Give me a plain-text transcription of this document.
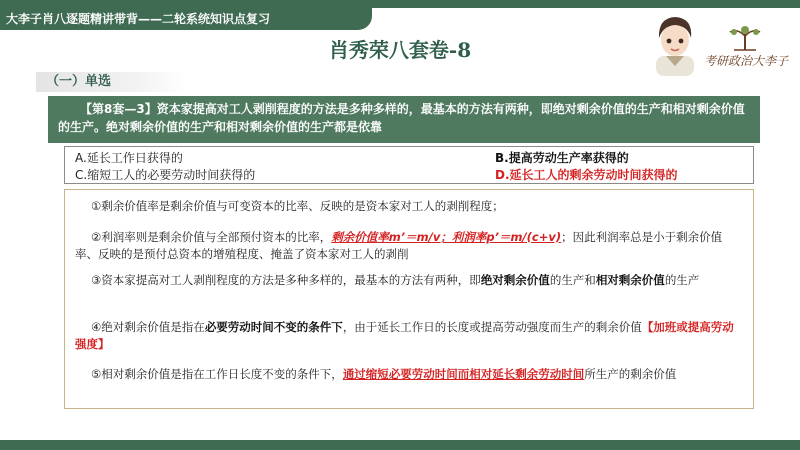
大李子肖八逐题精讲带背——二轮系统知识点复习
肖秀荣八套卷-8	考研政治大李子
（一）单选
【第8套—3】资本家提高对工人剥削程度的方法是多种多样的，最基本的方法有两种，即绝对剩余价值的生产和相对剩余价值的生产。绝对剩余价值的生产和相对剩余价值的生产都是依靠
A.延长工作日获得的	B.提高劳动生产率获得的
C.缩短工人的必要劳动时间获得的	D.延长工人的剩余劳动时间获得的
①剩余价值率是剩余价值与可变资本的比率、反映的是资本家对工人的剥削程度；
②利润率则是剩余价值与全部预付资本的比率，剩余价值率m’＝m/v；利润率p’＝m/(c+v)；因此利润率总是小于剩余价值率、反映的是预付总资本的增殖程度、掩盖了资本家对工人的剥削
③资本家提高对工人剥削程度的方法是多种多样的，最基本的方法有两种，即绝对剩余价值的生产和相对剩余价值的生产
④绝对剩余价值是指在必要劳动时间不变的条件下，由于延长工作日的长度或提高劳动强度而生产的剩余价值【加班或提高劳动强度】
⑤相对剩余价值是指在工作日长度不变的条件下，通过缩短必要劳动时间而相对延长剩余劳动时间所生产的剩余价值
